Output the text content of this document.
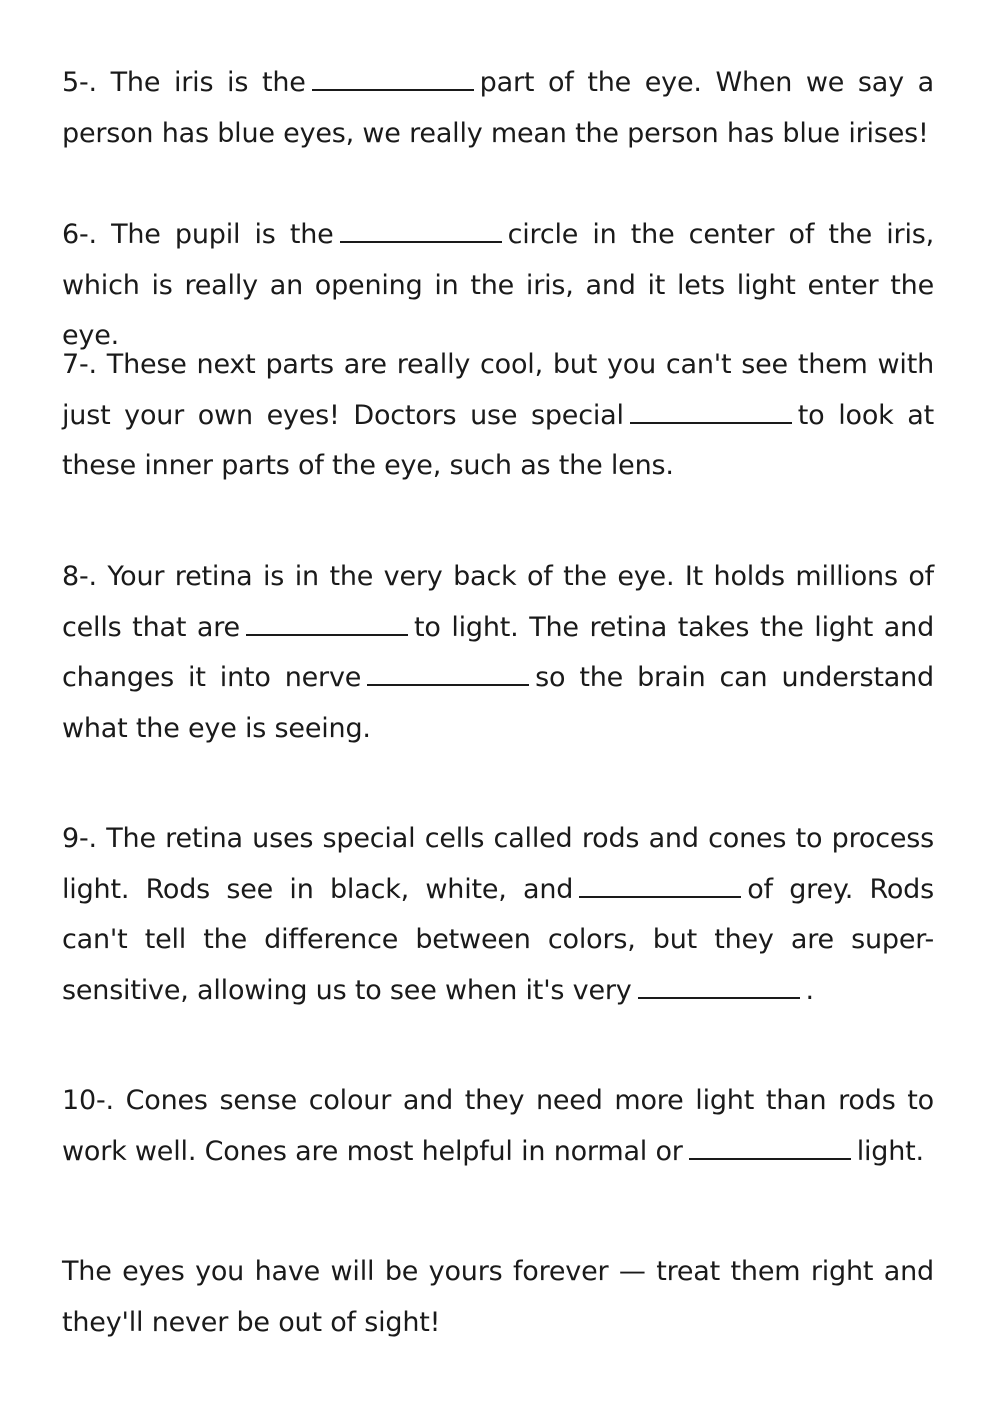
5-. The iris is the	part of the eye. When we say a person has blue eyes, we really mean the person has blue irises!

6-. The pupil is the	circle in the center of the iris, which is really an opening in the iris, and it lets light enter the eye.

7-. These next parts are really cool, but you can't see them with just your own eyes! Doctors use special	to look at these inner parts of the eye, such as the lens.

8-. Your retina is in the very back of the eye. It holds millions of cells that are	to light. The retina takes the light and changes it into nerve	so the brain can understand what the eye is seeing.

9-. The retina uses special cells called rods and cones to process light. Rods see in black, white, and	of grey. Rods can't tell the difference between colors, but they are super-sensitive, allowing us to see when it's very	.

10-. Cones sense colour and they need more light than rods to work well. Cones are most helpful in normal or	light.

The eyes you have will be yours forever — treat them right and they'll never be out of sight!
